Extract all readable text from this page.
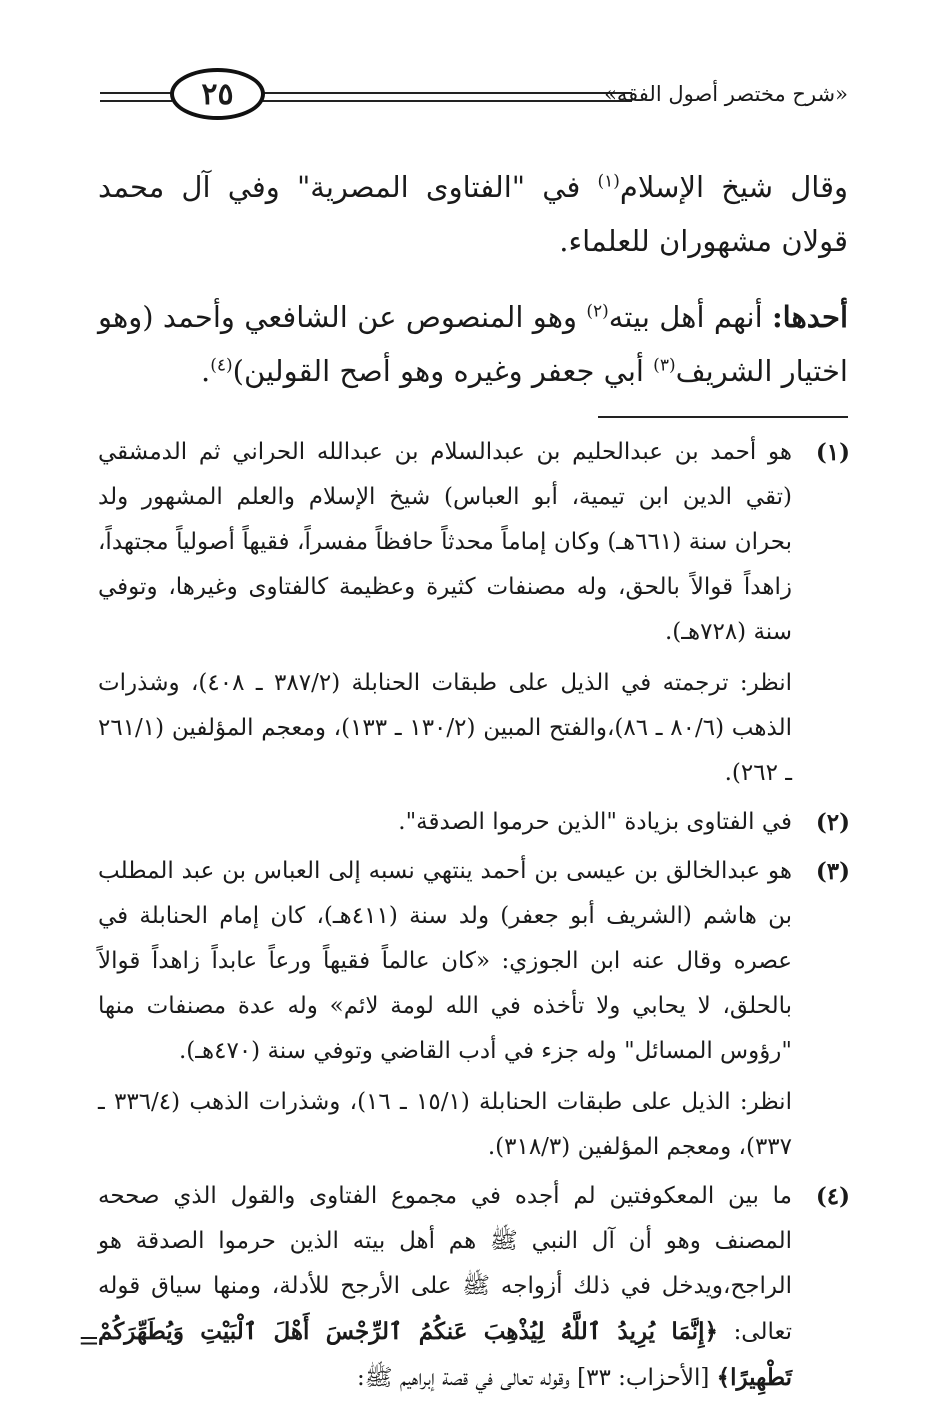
٢٥	«شرح مختصر أصول الفقه»

وقال شيخ الإسلام$^{(١)}$ في "الفتاوى المصرية" وفي آل محمد قولان مشهوران للعلماء.

أحدها: أنهم أهل بيته$^{(٢)}$ وهو المنصوص عن الشافعي وأحمد (وهو اختيار الشريف$^{(٣)}$ أبي جعفر وغيره وهو أصح القولين)$^{(٤)}$.

(١)

هو أحمد بن عبدالحليم بن عبدالسلام بن عبدالله الحراني ثم الدمشقي (تقي الدين ابن تيمية، أبو العباس) شيخ الإسلام والعلم المشهور ولد بحران سنة (٦٦١هـ) وكان إماماً محدثاً حافظاً مفسراً، فقيهاً أصولياً مجتهداً، زاهداً قوالاً بالحق، وله مصنفات كثيرة وعظيمة كالفتاوى وغيرها، وتوفي سنة (٧٢٨هـ).

انظر: ترجمته في الذيل على طبقات الحنابلة (٣٨٧/٢ ـ ٤٠٨)، وشذرات الذهب (٨٠/٦ ـ ٨٦)،والفتح المبين (١٣٠/٢ ـ ١٣٣)، ومعجم المؤلفين (٢٦١/١ ـ ٢٦٢).

(٢)

في الفتاوى بزيادة "الذين حرموا الصدقة".

(٣)

هو عبدالخالق بن عيسى بن أحمد ينتهي نسبه إلى العباس بن عبد المطلب بن هاشم (الشريف أبو جعفر) ولد سنة (٤١١هـ)، كان إمام الحنابلة في عصره وقال عنه ابن الجوزي: «كان عالماً فقيهاً ورعاً عابداً زاهداً قوالاً بالحلق، لا يحابي ولا تأخذه في الله لومة لائم» وله عدة مصنفات منها "رؤوس المسائل" وله جزء في أدب القاضي وتوفي سنة (٤٧٠هـ).

انظر: الذيل على طبقات الحنابلة (١٥/١ ـ ١٦)، وشذرات الذهب (٣٣٦/٤ ـ ٣٣٧)، ومعجم المؤلفين (٣١٨/٣).

(٤)

ما بين المعكوفتين لم أجده في مجموع الفتاوى والقول الذي صححه المصنف وهو أن آل النبي ﷺ هم أهل بيته الذين حرموا الصدقة هو الراجح،ويدخل في ذلك أزواجه ﷺ على الأرجح للأدلة، ومنها سياق قوله تعالى: ﴿إِنَّمَا يُرِيدُ ٱللَّهُ لِيُذْهِبَ عَنكُمُ ٱلرِّجْسَ أَهْلَ ٱلْبَيْتِ وَيُطَهِّرَكُمْ تَطْهِيرًا﴾ [الأحزاب: ٣٣] وقوله تعالى في قصة إبراهيم ﷺ:

=
